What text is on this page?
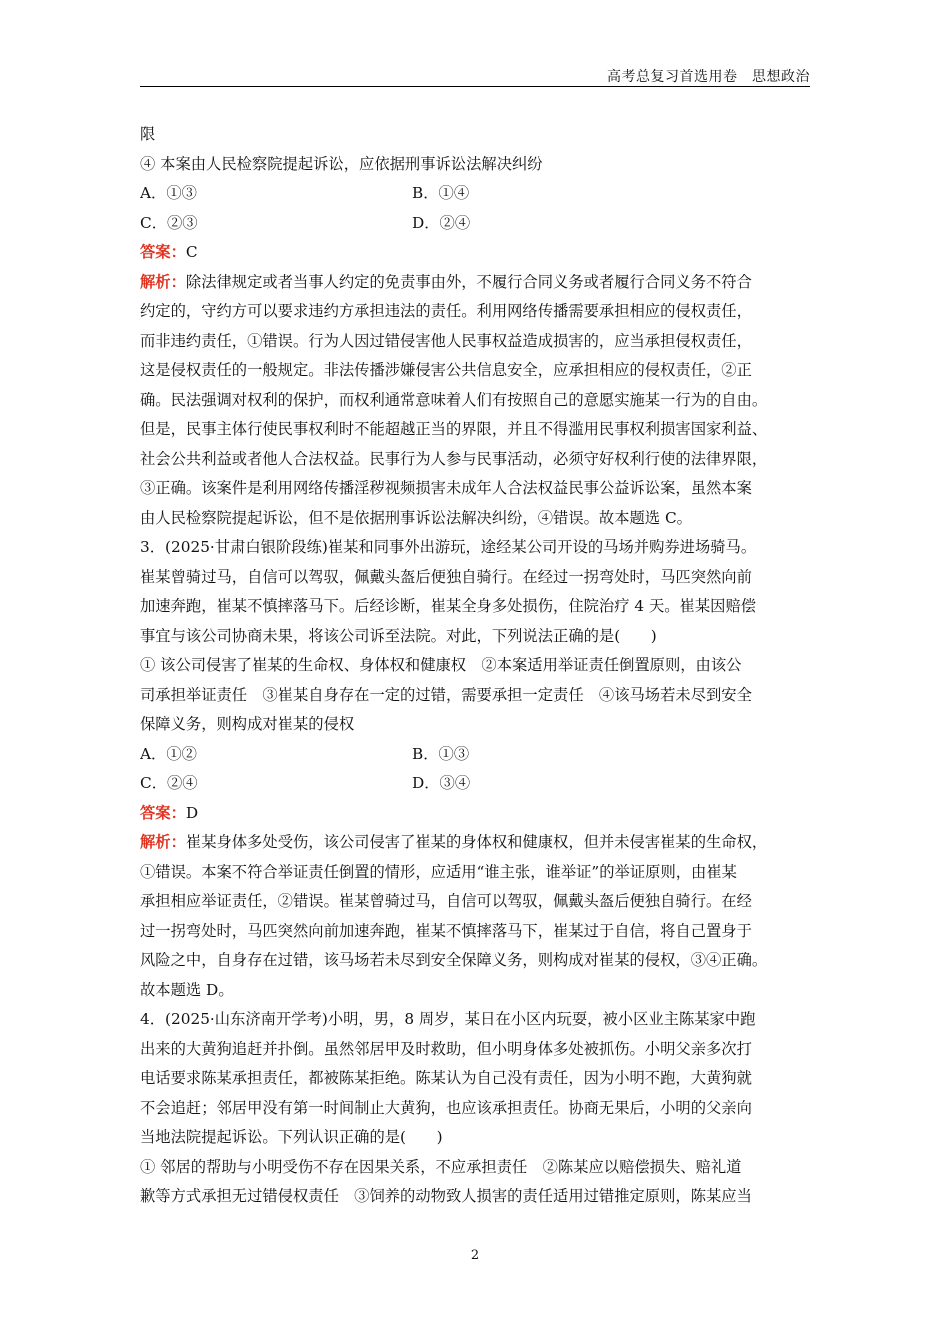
高考总复习首选用卷　思想政治
限
④ 本案由人民检察院提起诉讼，应依据刑事诉讼法解决纠纷
A．①③	B．①④
C．②③	D．②④
答案：C
解析：除法律规定或者当事人约定的免责事由外，不履行合同义务或者履行合同义务不符合
约定的，守约方可以要求违约方承担违法的责任。利用网络传播需要承担相应的侵权责任，
而非违约责任，①错误。行为人因过错侵害他人民事权益造成损害的，应当承担侵权责任，
这是侵权责任的一般规定。非法传播涉嫌侵害公共信息安全，应承担相应的侵权责任，②正
确。民法强调对权利的保护，而权利通常意味着人们有按照自己的意愿实施某一行为的自由。
但是，民事主体行使民事权利时不能超越正当的界限，并且不得滥用民事权利损害国家利益、
社会公共利益或者他人合法权益。民事行为人参与民事活动，必须守好权利行使的法律界限，
③正确。该案件是利用网络传播淫秽视频损害未成年人合法权益民事公益诉讼案，虽然本案
由人民检察院提起诉讼，但不是依据刑事诉讼法解决纠纷，④错误。故本题选 C。
3．(2025·甘肃白银阶段练)崔某和同事外出游玩，途经某公司开设的马场并购券进场骑马。
崔某曾骑过马，自信可以驾驭，佩戴头盔后便独自骑行。在经过一拐弯处时，马匹突然向前
加速奔跑，崔某不慎摔落马下。后经诊断，崔某全身多处损伤，住院治疗 4 天。崔某因赔偿
事宜与该公司协商未果，将该公司诉至法院。对此，下列说法正确的是(　　)
① 该公司侵害了崔某的生命权、身体权和健康权　②本案适用举证责任倒置原则，由该公
司承担举证责任　③崔某自身存在一定的过错，需要承担一定责任　④该马场若未尽到安全
保障义务，则构成对崔某的侵权
A．①②	B．①③
C．②④	D．③④
答案：D
解析：崔某身体多处受伤，该公司侵害了崔某的身体权和健康权，但并未侵害崔某的生命权，
①错误。本案不符合举证责任倒置的情形，应适用“谁主张，谁举证”的举证原则，由崔某
承担相应举证责任，②错误。崔某曾骑过马，自信可以驾驭，佩戴头盔后便独自骑行。在经
过一拐弯处时，马匹突然向前加速奔跑，崔某不慎摔落马下，崔某过于自信，将自己置身于
风险之中，自身存在过错，该马场若未尽到安全保障义务，则构成对崔某的侵权，③④正确。
故本题选 D。
4．(2025·山东济南开学考)小明，男，8 周岁，某日在小区内玩耍，被小区业主陈某家中跑
出来的大黄狗追赶并扑倒。虽然邻居甲及时救助，但小明身体多处被抓伤。小明父亲多次打
电话要求陈某承担责任，都被陈某拒绝。陈某认为自己没有责任，因为小明不跑，大黄狗就
不会追赶；邻居甲没有第一时间制止大黄狗，也应该承担责任。协商无果后，小明的父亲向
当地法院提起诉讼。下列认识正确的是(　　)
① 邻居的帮助与小明受伤不存在因果关系，不应承担责任　②陈某应以赔偿损失、赔礼道
歉等方式承担无过错侵权责任　③饲养的动物致人损害的责任适用过错推定原则，陈某应当
2
